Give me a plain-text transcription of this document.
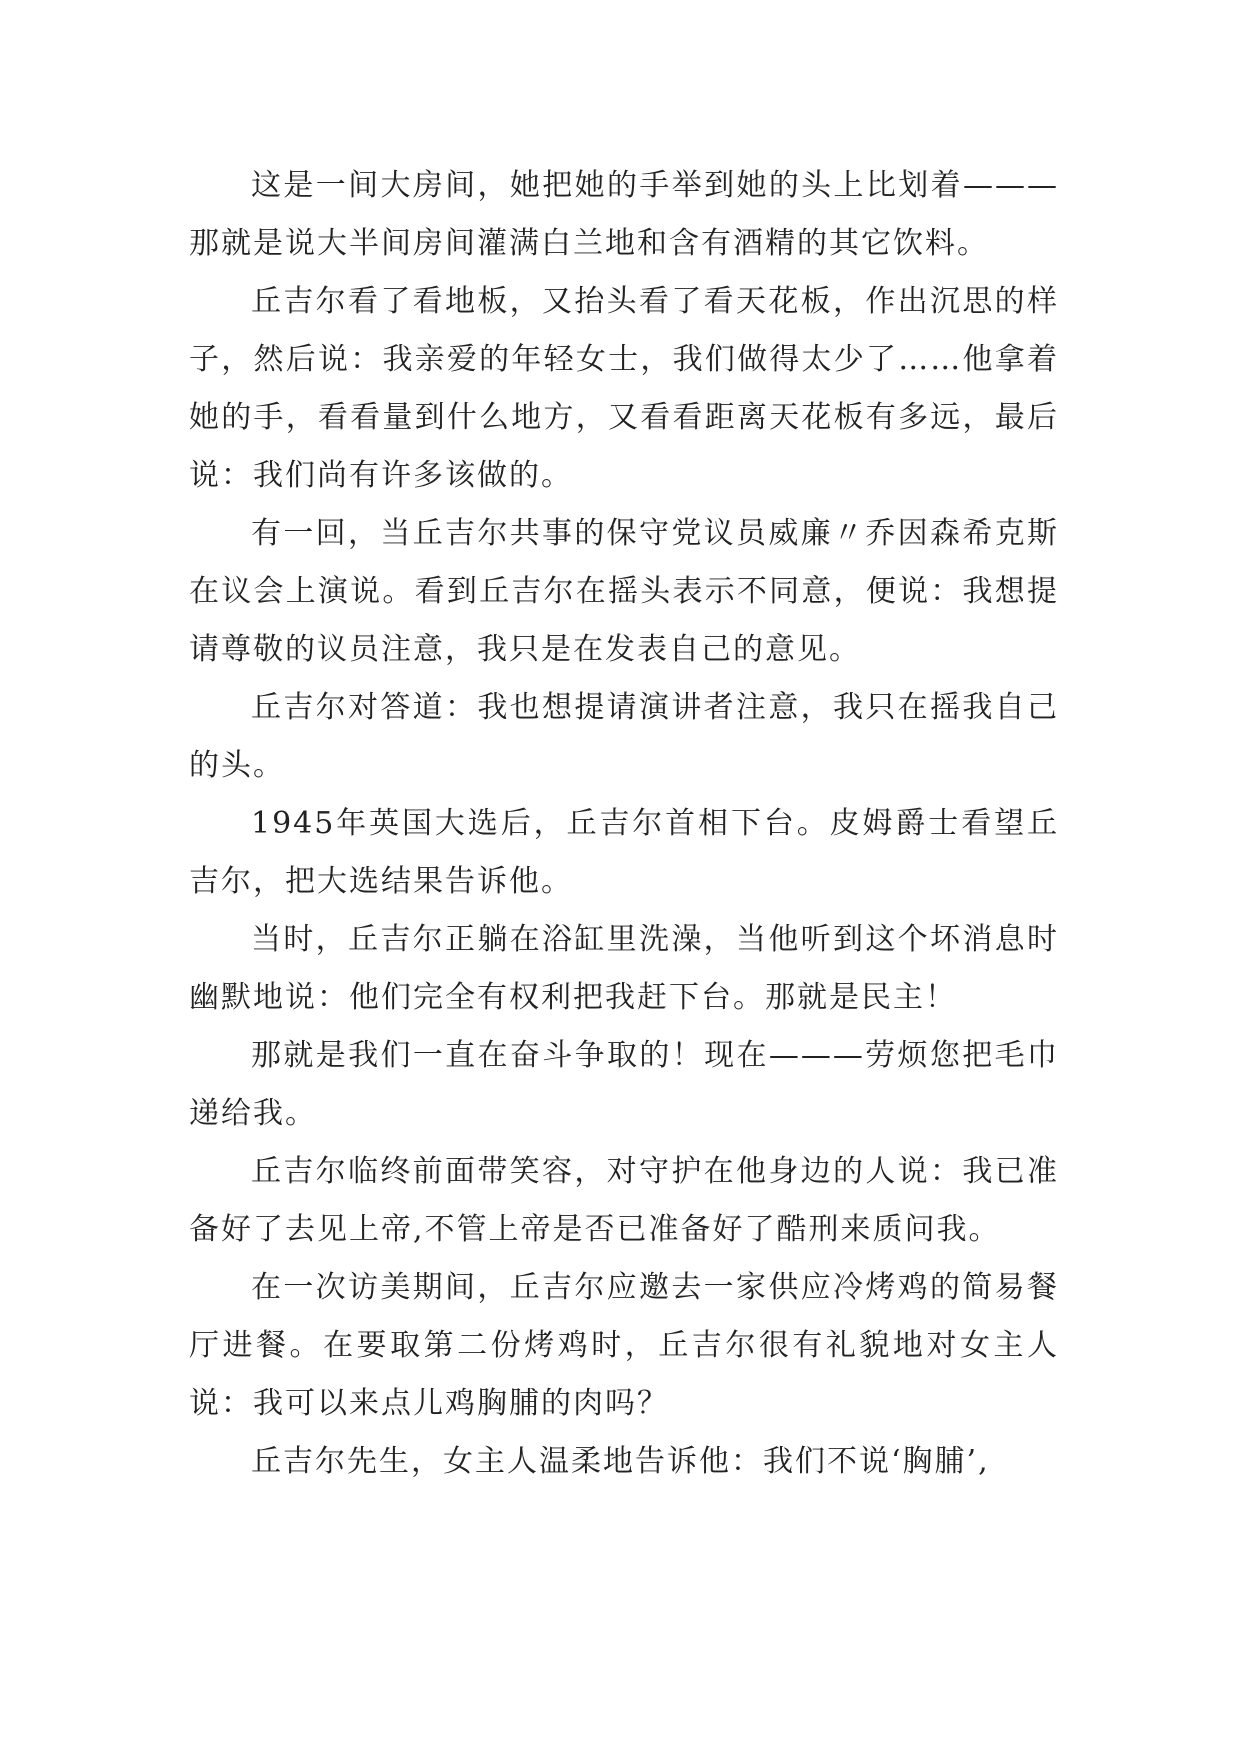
这是一间大房间，她把她的手举到她的头上比划着———那就是说大半间房间灌满白兰地和含有酒精的其它饮料。

丘吉尔看了看地板，又抬头看了看天花板，作出沉思的样子，然后说：我亲爱的年轻女士，我们做得太少了……他拿着她的手，看看量到什么地方，又看看距离天花板有多远，最后说：我们尚有许多该做的。

有一回，当丘吉尔共事的保守党议员威廉〃乔因森希克斯在议会上演说。看到丘吉尔在摇头表示不同意，便说：我想提请尊敬的议员注意，我只是在发表自己的意见。

丘吉尔对答道：我也想提请演讲者注意，我只在摇我自己的头。

1945年英国大选后，丘吉尔首相下台。皮姆爵士看望丘吉尔，把大选结果告诉他。

当时，丘吉尔正躺在浴缸里洗澡，当他听到这个坏消息时幽默地说：他们完全有权利把我赶下台。那就是民主！

那就是我们一直在奋斗争取的！现在———劳烦您把毛巾递给我。

丘吉尔临终前面带笑容，对守护在他身边的人说：我已准备好了去见上帝,不管上帝是否已准备好了酷刑来质问我。

在一次访美期间，丘吉尔应邀去一家供应冷烤鸡的简易餐厅进餐。在要取第二份烤鸡时，丘吉尔很有礼貌地对女主人说：我可以来点儿鸡胸脯的肉吗？

丘吉尔先生，女主人温柔地告诉他：我们不说‘胸脯’,
